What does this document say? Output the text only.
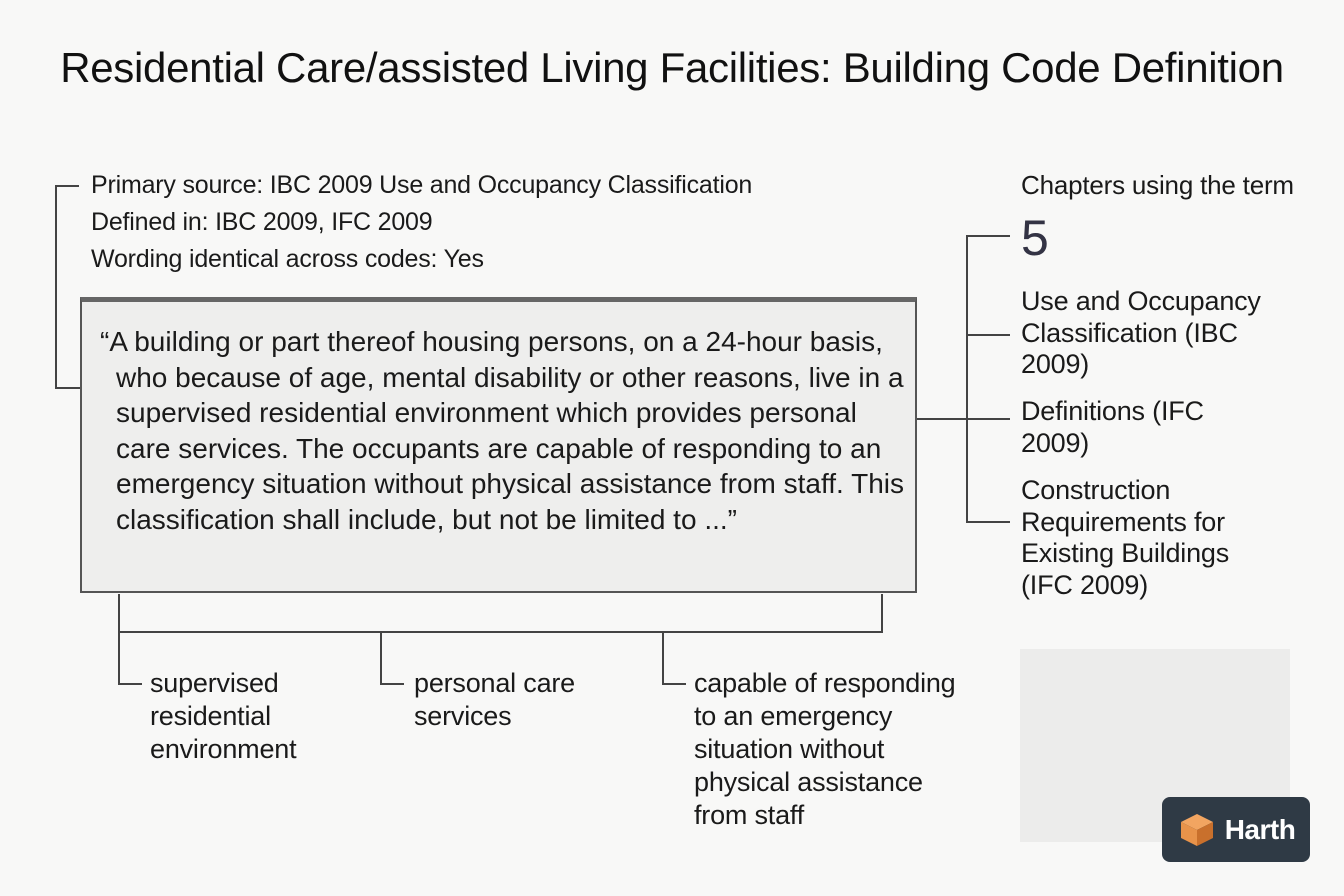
Residential Care/assisted Living Facilities: Building Code Definition
Primary source: IBC 2009 Use and Occupancy Classification
Defined in: IBC 2009, IFC 2009
Wording identical across codes: Yes
“A building or part thereof housing persons, on a 24-hour basis, who because of age, mental disability or other reasons, live in a supervised residential environment which provides personal care services. The occupants are capable of responding to an emergency situation without physical assistance from staff. This classification shall include, but not be limited to ...”
supervised residential environment
personal care services
capable of responding to an emergency situation without physical assistance from staff
Chapters using the term
5
Use and Occupancy Classification (IBC 2009)
Definitions (IFC 2009)
Construction Requirements for Existing Buildings (IFC 2009)
Harth
